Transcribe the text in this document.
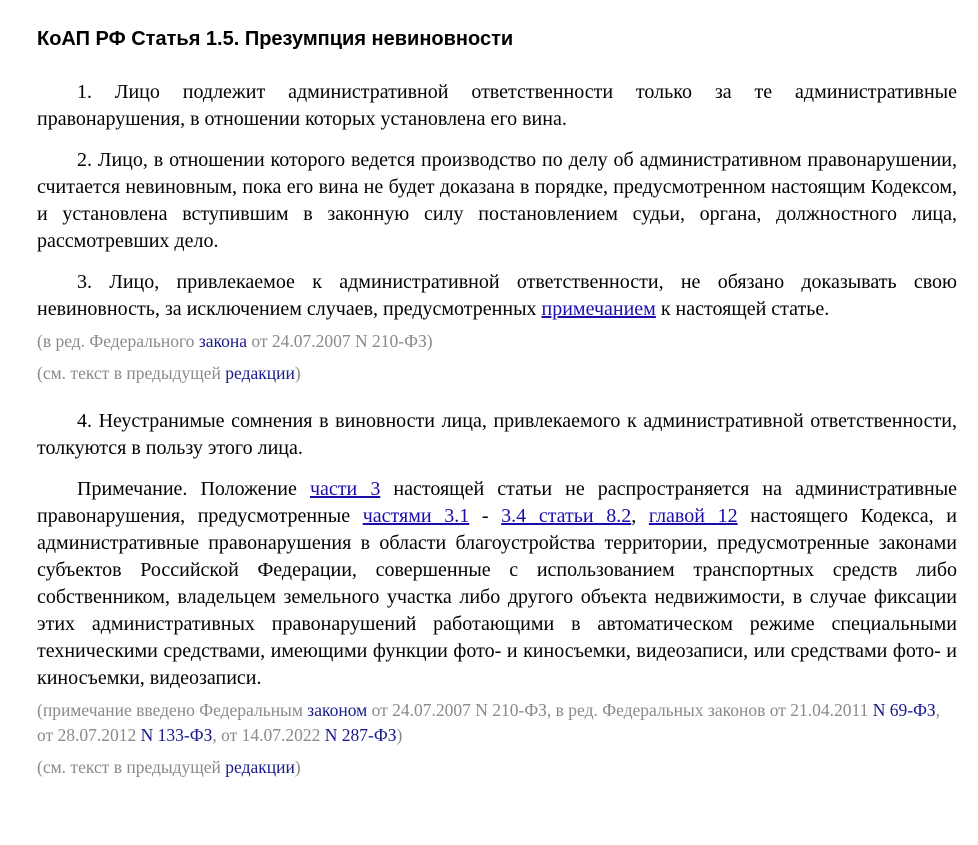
КоАП РФ Статья 1.5. Презумпция невиновности

1. Лицо подлежит административной ответственности только за те административные правонарушения, в отношении которых установлена его вина.

2. Лицо, в отношении которого ведется производство по делу об административном правонарушении, считается невиновным, пока его вина не будет доказана в порядке, предусмотренном настоящим Кодексом, и установлена вступившим в законную силу постановлением судьи, органа, должностного лица, рассмотревших дело.

3. Лицо, привлекаемое к административной ответственности, не обязано доказывать свою невиновность, за исключением случаев, предусмотренных примечанием к настоящей статье.

(в ред. Федерального закона от 24.07.2007 N 210-ФЗ)

(см. текст в предыдущей редакции)

4. Неустранимые сомнения в виновности лица, привлекаемого к административной ответственности, толкуются в пользу этого лица.

Примечание. Положение части 3 настоящей статьи не распространяется на административные правонарушения, предусмотренные частями 3.1 - 3.4 статьи 8.2, главой 12 настоящего Кодекса, и административные правонарушения в области благоустройства территории, предусмотренные законами субъектов Российской Федерации, совершенные с использованием транспортных средств либо собственником, владельцем земельного участка либо другого объекта недвижимости, в случае фиксации этих административных правонарушений работающими в автоматическом режиме специальными техническими средствами, имеющими функции фото- и киносъемки, видеозаписи, или средствами фото- и киносъемки, видеозаписи.

(примечание введено Федеральным законом от 24.07.2007 N 210-ФЗ, в ред. Федеральных законов от 21.04.2011 N 69-ФЗ, от 28.07.2012 N 133-ФЗ, от 14.07.2022 N 287-ФЗ)

(см. текст в предыдущей редакции)
